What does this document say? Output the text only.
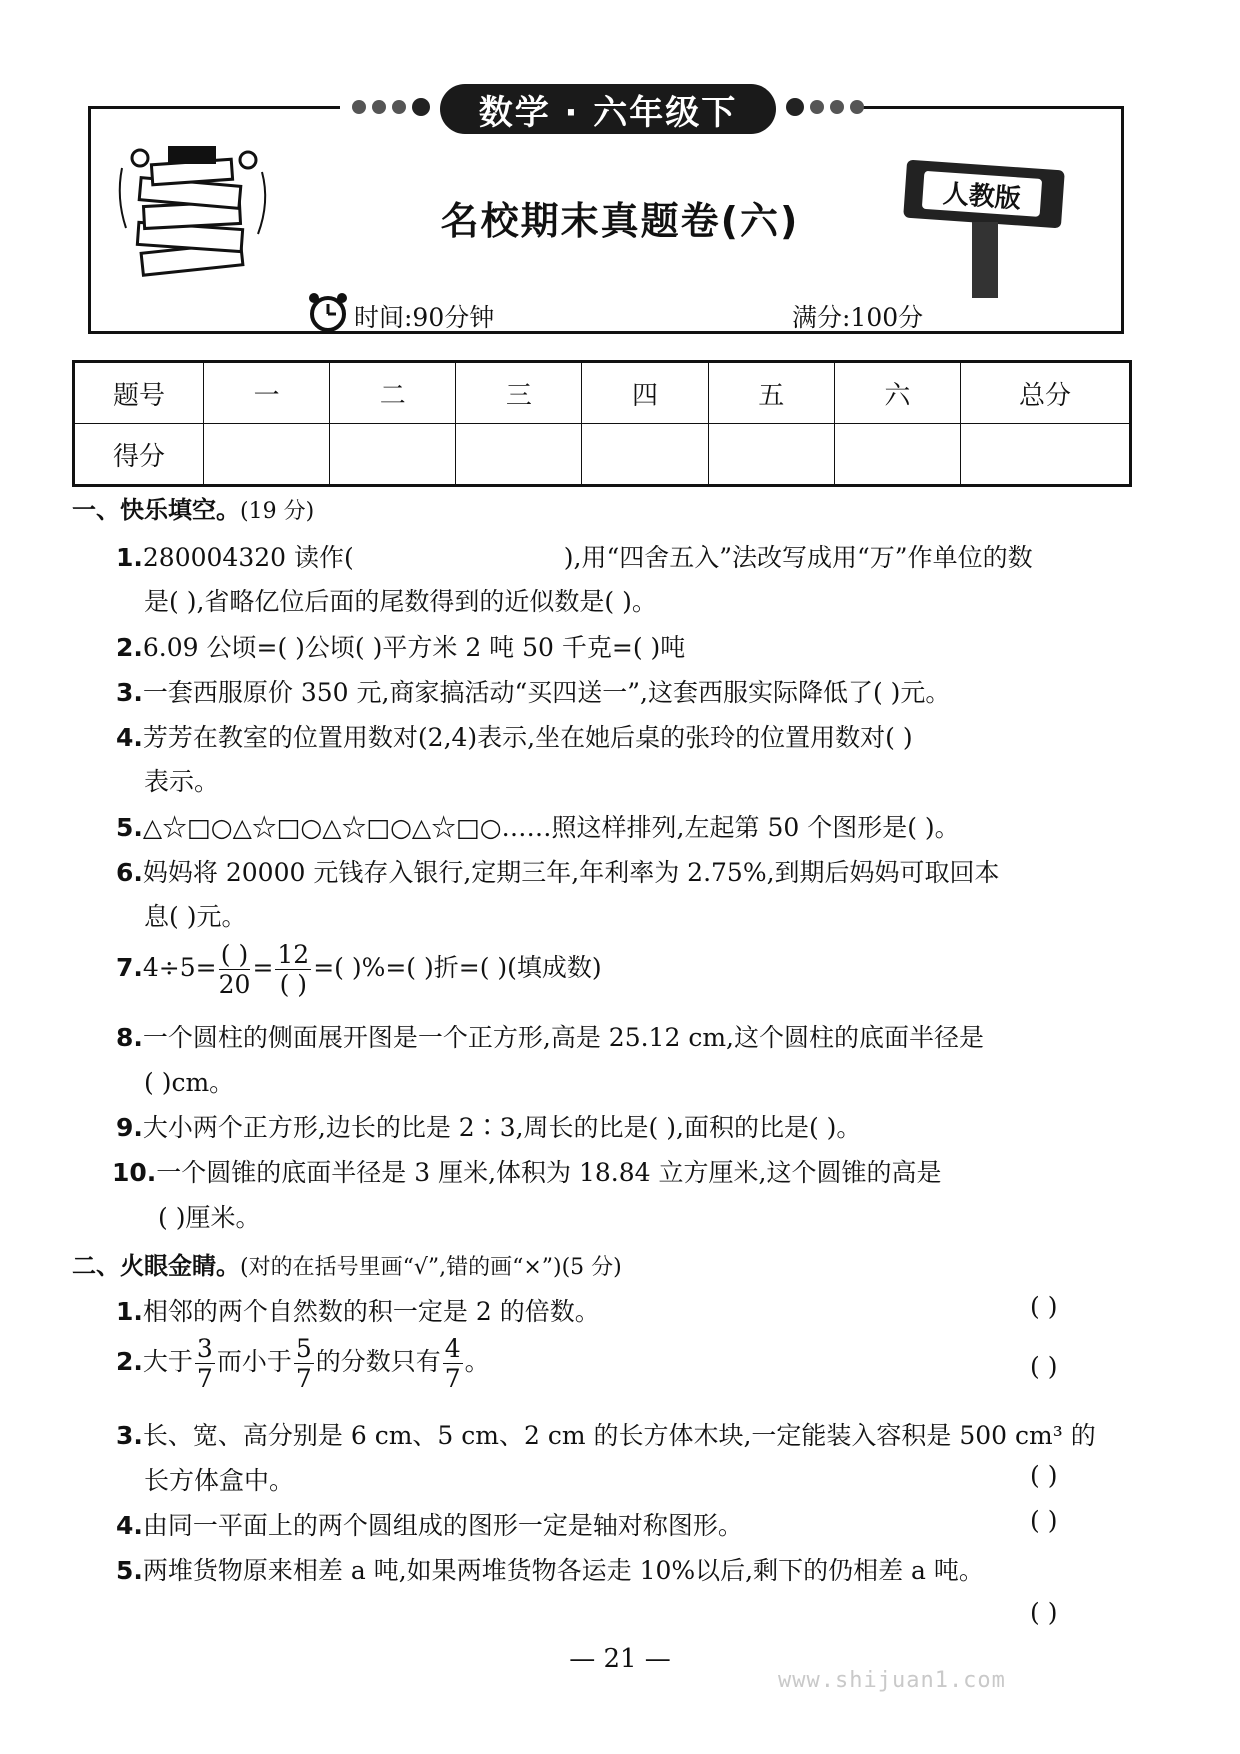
数学 · 六年级下
名校期末真题卷(六)
人教版
时间:90分钟	满分:100分
题号	一	二	三	四	五	六	总分
得分							
一、快乐填空。(19 分)
1.280004320 读作(	),用“四舍五入”法改写成用“万”作单位的数
是( ),省略亿位后面的尾数得到的近似数是( )。
2.6.09 公顷=( )公顷( )平方米 2 吨 50 千克=( )吨
3.一套西服原价 350 元,商家搞活动“买四送一”,这套西服实际降低了( )元。
4.芳芳在教室的位置用数对(2,4)表示,坐在她后桌的张玲的位置用数对( )
表示。
5.△☆□○△☆□○△☆□○△☆□○……照这样排列,左起第 50 个图形是( )。
6.妈妈将 20000 元钱存入银行,定期三年,年利率为 2.75%,到期后妈妈可取回本
息( )元。
$7.4\div 5= \frac{( )}{20} = \frac{12}{( )}$ =( )%=( )折=( )(填成数)
8.一个圆柱的侧面展开图是一个正方形,高是 25.12 cm,这个圆柱的底面半径是
( )cm。
9.大小两个正方形,边长的比是 2∶3,周长的比是( ),面积的比是( )。
10.一个圆锥的底面半径是 3 厘米,体积为 18.84 立方厘米,这个圆锥的高是
( )厘米。
二、火眼金睛。(对的在括号里画“√”,错的画“×”)(5 分)
1.相邻的两个自然数的积一定是 2 的倍数。	( )
2.大于 $\frac{3}{7}$ 而小于 $\frac{5}{7}$ 的分数只有 $\frac{4}{7}$ 。	( )
3.长、宽、高分别是 6 cm、5 cm、2 cm 的长方体木块,一定能装入容积是 500 cm³ 的
长方体盒中。	( )
4.由同一平面上的两个圆组成的图形一定是轴对称图形。	( )
5.两堆货物原来相差 a 吨,如果两堆货物各运走 10%以后,剩下的仍相差 a 吨。
( )
— 21 —
www.shijuan1.com
